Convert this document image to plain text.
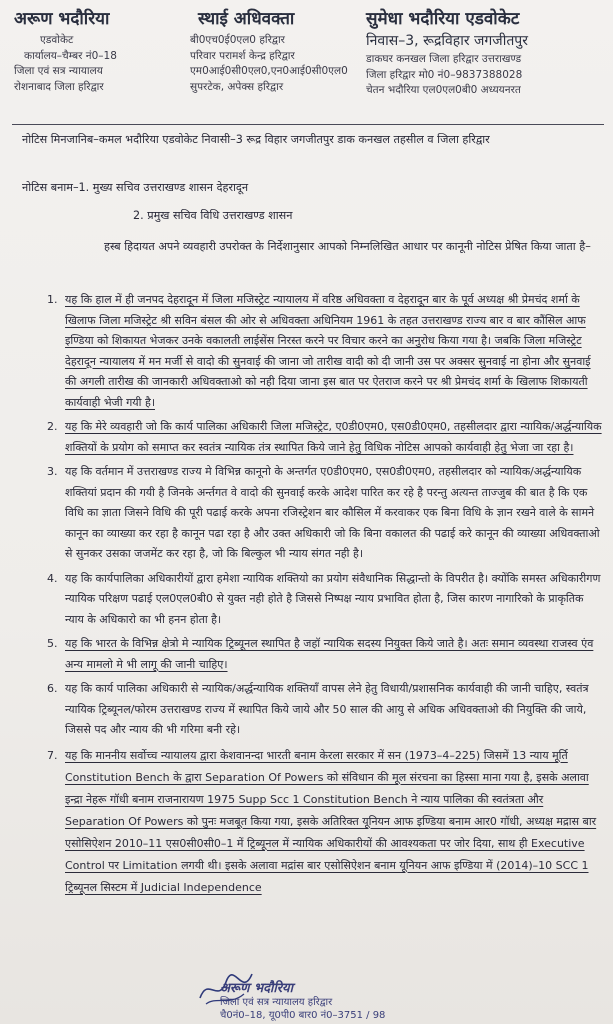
अरूण भदौरिया
एडवोकेट
कार्यालय–चैम्बर नं0–18
जिला एवं सत्र न्यायालय
रोशनाबाद जिला हरिद्वार
स्थाई अधिवक्ता
बी0एच0ई0एल0 हरिद्वार
परिवार परामर्श केन्द्र हरिद्वार
एम0आई0सी0एल0,एन0आई0सी0एल0
सुपरटेक, अपेक्स हरिद्वार
सुमेधा भदौरिया एडवोकेट
निवास–3, रूद्रविहार जगजीतपुर
डाकघर कनखल जिला हरिद्वार उत्तराखण्ड
जिला हरिद्वार मो0 नं0–9837388028
चेतन भदौरिया एल0एल0बी0 अध्ययनरत
नोटिस मिनजानिब–कमल भदौरिया एडवोकेट निवासी–3 रूद्र विहार जगजीतपुर डाक कनखल तहसील व जिला हरिद्वार
नोटिस बनाम–1. मुख्य सचिव उत्तराखण्ड शासन देहरादून
2. प्रमुख सचिव विधि उत्तराखण्ड शासन
हस्ब हिदायत अपने व्यवहारी उपरोक्त के निर्देशानुसार आपको निम्नलिखित आधार पर कानूनी नोटिस प्रेषित किया जाता है–
1. यह कि हाल में ही जनपद देहरादून में जिला मजिस्ट्रेट न्यायालय में वरिष्ठ अधिवक्ता व देहरादून बार के पूर्व अध्यक्ष श्री प्रेमचंद शर्मा के खिलाफ जिला मजिस्ट्रेट श्री सविन बंसल की ओर से अधिवक्ता अधिनियम 1961 के तहत उत्तराखण्ड राज्य बार व बार कौंसिल आफ इण्डिया को शिकायत भेजकर उनके वकालती लाईसेंस निरस्त करने पर विचार करने का अनुरोध किया गया है। जबकि जिला मजिस्ट्रेट देहरादून न्यायालय में मन मर्जी से वादो की सुनवाई की जाना जो तारीख वादी को दी जानी उस पर अक्सर सुनवाई ना होना और सुनवाई की अगली तारीख की जानकारी अधिवक्ताओ को नही दिया जाना इस बात पर ऐतराज करने पर श्री प्रेमचंद शर्मा के खिलाफ शिकायती कार्यवाही भेजी गयी है।
2. यह कि मेरे व्यवहारी जो कि कार्य पालिका अधिकारी जिला मजिस्ट्रेट, ए0डी0एम0, एस0डी0एम0, तहसीलदार द्वारा न्यायिक/अर्द्धन्यायिक शक्तियों के प्रयोग को समाप्त कर स्वतंत्र न्यायिक तंत्र स्थापित किये जाने हेतु विधिक नोटिस आपको कार्यवाही हेतु भेजा जा रहा है।
3. यह कि वर्तमान में उत्तराखण्ड राज्य मे विभिन्न कानूनो के अन्तर्गत ए0डी0एम0, एस0डी0एम0, तहसीलदार को न्यायिक/अर्द्धन्यायिक शक्तियां प्रदान की गयी है जिनके अर्न्तगत वे वादो की सुनवाई करके आदेश पारित कर रहे है परन्तु अत्यन्त ताज्जुब की बात है कि एक विधि का ज्ञाता जिसने विधि की पूरी पढाई करके अपना रजिस्ट्रेशन बार कौसिल में करवाकर एक बिना विधि के ज्ञान रखने वाले के सामने कानून का व्याख्या कर रहा है कानून पढा रहा है और उक्त अधिकारी जो कि बिना वकालत की पढाई करे कानून की व्याख्या अधिवक्ताओ से सुनकर उसका जजमेंट कर रहा है, जो कि बिल्कुल भी न्याय संगत नही है।
4. यह कि कार्यपालिका अधिकारीयों द्वारा हमेशा न्यायिक शक्तियो का प्रयोग संवैधानिक सिद्धान्तो के विपरीत है। क्योंकि समस्त अधिकारीगण न्यायिक परिक्षण पढाई एल0एल0बी0 से युक्त नही होते है जिससे निष्पक्ष न्याय प्रभावित होता है, जिस कारण नागारिको के प्राकृतिक न्याय के अधिकारो का भी हनन होता है।
5. यह कि भारत के विभिन्न क्षेत्रो मे न्यायिक ट्रिब्यूनल स्थापित है जहॉ न्यायिक सदस्य नियुक्त किये जाते है। अतः समान व्यवस्था राजस्व एंव अन्य मामलो मे भी लागू की जानी चाहिए।
6. यह कि कार्य पालिका अधिकारी से न्यायिक/अर्द्धन्यायिक शक्तियॉं वापस लेने हेतु विधायी/प्रशासनिक कार्यवाही की जानी चाहिए, स्वतंत्र न्यायिक ट्रिब्यूनल/फोरम उत्तराखण्ड राज्य में स्थापित किये जाये और 50 साल की आयु से अधिक अधिवक्ताओ की नियुक्ति की जाये, जिससे पद और न्याय की भी गरिमा बनी रहे।
7. यह कि माननीय सर्वोच्च न्यायालय द्वारा केशवानन्दा भारती बनाम केरला सरकार में सन (1973–4–225) जिसमें 13 न्याय मूर्ति Constitution Bench के द्वारा Separation Of Powers को संविधान की मूल संरचना का हिस्सा माना गया है, इसके अलावा इन्द्रा नेहरू गॉधी बनाम राजनारायण 1975 Supp Scc 1 Constitution Bench ने न्याय पालिका की स्वतंत्रता और Separation Of Powers को पुनः मजबूत किया गया, इसके अतिरिक्त यूनियन आफ इण्डिया बनाम आर0 गॉधी, अध्यक्ष मद्रास बार एसोसिऐशन 2010–11 एस0सी0सी0–1 में ट्रिब्यूनल में न्यायिक अधिकारीयों की आवश्यकता पर जोर दिया, साथ ही Executive Control पर Limitation लगयी थी। इसके अलावा मद्रांस बार एसोसिऐशन बनाम यूनियन आफ इण्डिया में (2014)–10 SCC 1 ट्रिब्यूनल सिस्टम में Judicial Independence
अरूण भदौरिया
जिला एवं सत्र न्यायालय हरिद्वार
चै0नं0–18, यू0पी0 बार0 नं0–3751 / 98
